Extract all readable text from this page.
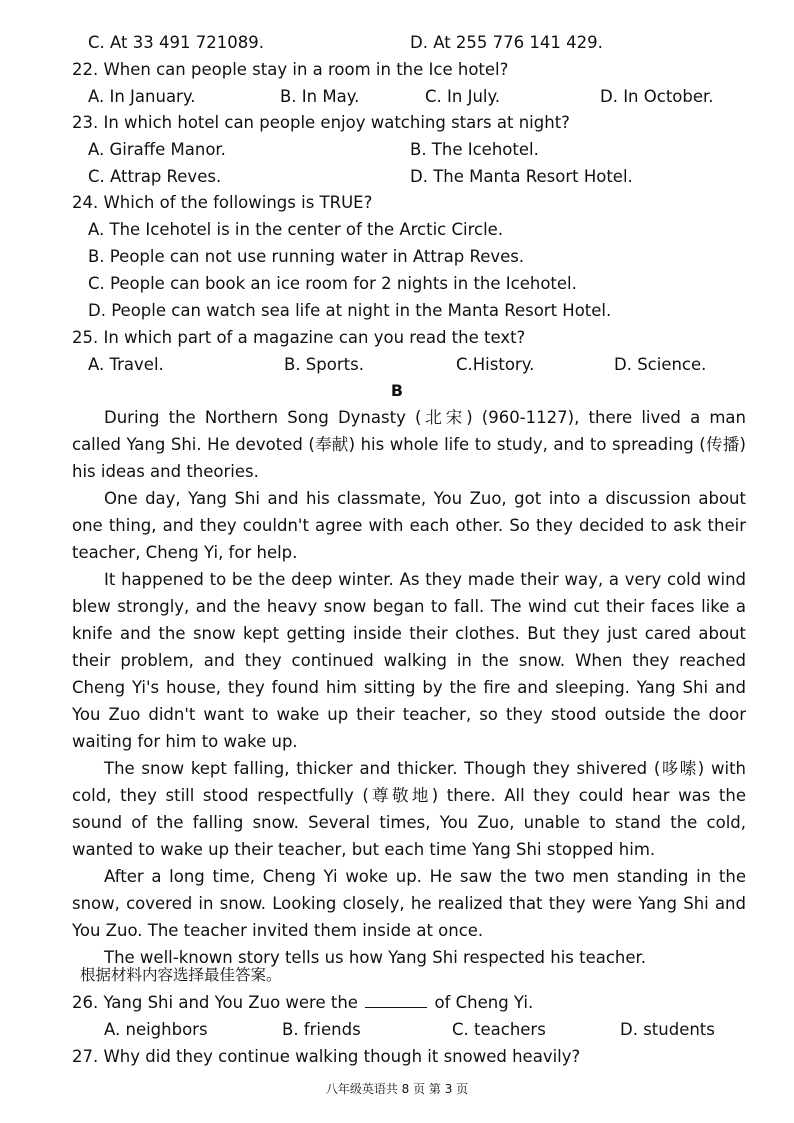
C. At 33 491 721089.	D. At 255 776 141 429.
22. When can people stay in a room in the Ice hotel?
A. In January.	B. In May.	C. In July.	D. In October.
23. In which hotel can people enjoy watching stars at night?
A. Giraffe Manor.	B. The Icehotel.
C. Attrap Reves.	D. The Manta Resort Hotel.
24. Which of the followings is TRUE?
A. The Icehotel is in the center of the Arctic Circle.
B. People can not use running water in Attrap Reves.
C. People can book an ice room for 2 nights in the Icehotel.
D. People can watch sea life at night in the Manta Resort Hotel.
25. In which part of a magazine can you read the text?
A. Travel.	B. Sports.	C.History.	D. Science.
B

During the Northern Song Dynasty (北宋) (960-1127), there lived a man called Yang Shi. He devoted (奉献) his whole life to study, and to spreading (传播) his ideas and theories.

One day, Yang Shi and his classmate, You Zuo, got into a discussion about one thing, and they couldn't agree with each other. So they decided to ask their teacher, Cheng Yi, for help.

It happened to be the deep winter. As they made their way, a very cold wind blew strongly, and the heavy snow began to fall. The wind cut their faces like a knife and the snow kept getting inside their clothes. But they just cared about their problem, and they continued walking in the snow. When they reached Cheng Yi's house, they found him sitting by the fire and sleeping. Yang Shi and You Zuo didn't want to wake up their teacher, so they stood outside the door waiting for him to wake up.

The snow kept falling, thicker and thicker. Though they shivered (哆嗦) with cold, they still stood respectfully (尊敬地) there. All they could hear was the sound of the falling snow. Several times, You Zuo, unable to stand the cold, wanted to wake up their teacher, but each time Yang Shi stopped him.

After a long time, Cheng Yi woke up. He saw the two men standing in the snow, covered in snow. Looking closely, he realized that they were Yang Shi and You Zuo. The teacher invited them inside at once.

The well-known story tells us how Yang Shi respected his teacher.

根据材料内容选择最佳答案。
26. Yang Shi and You Zuo were the	of Cheng Yi.
A. neighbors	B. friends	C. teachers	D. students
27. Why did they continue walking though it snowed heavily?
八年级英语共 8 页 第 3 页
